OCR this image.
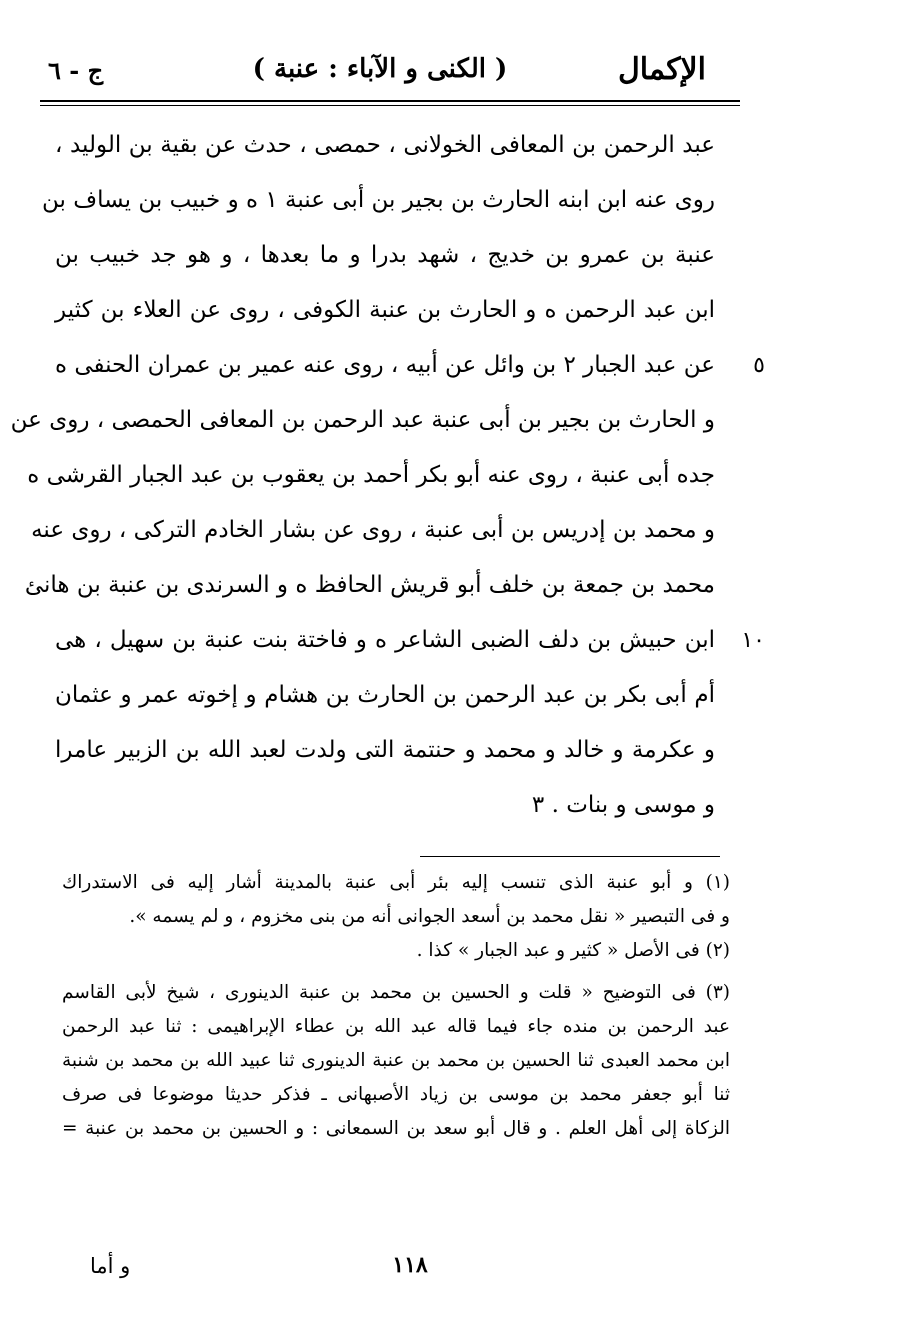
الإكمال
( الكنى و الآباء : عنبة )
ج - ٦
عبد الرحمن بن المعافى الخولانى ، حمصى ، حدث عن بقية بن الوليد ،
روى عنه ابن ابنه الحارث بن بجير بن أبى عنبة ١ ه و خبيب بن يساف بن
عنبة بن عمرو بن خديج ، شهد بدرا و ما بعدها ، و هو جد خبيب بن
ابن عبد الرحمن ه و الحارث بن عنبة الكوفى ، روى عن العلاء بن كثير
عن عبد الجبار ٢ بن وائل عن أبيه ، روى عنه عمير بن عمران الحنفى ه	٥
و الحارث بن بجير بن أبى عنبة عبد الرحمن بن المعافى الحمصى ، روى عن
جده أبى عنبة ، روى عنه أبو بكر أحمد بن يعقوب بن عبد الجبار القرشى ه
و محمد بن إدريس بن أبى عنبة ، روى عن بشار الخادم التركى ، روى عنه
محمد بن جمعة بن خلف أبو قريش الحافظ ه و السرندى بن عنبة بن هانئ
ابن حبيش بن دلف الضبى الشاعر ه و فاختة بنت عنبة بن سهيل ، هى	١٠
أم أبى بكر بن عبد الرحمن بن الحارث بن هشام و إخوته عمر و عثمان
و عكرمة و خالد و محمد و حنتمة التى ولدت لعبد الله بن الزبير عامرا
و موسى و بنات . ٣
(١) و أبو عنبة الذى تنسب إليه بئر أبى عنبة بالمدينة أشار إليه فى الاستدراك
و فى التبصير « نقل محمد بن أسعد الجوانى أنه من بنى مخزوم ، و لم يسمه ».
(٢) فى الأصل « كثير و عبد الجبار » كذا .
(٣) فى التوضيح « قلت و الحسين بن محمد بن عنبة الدينورى ، شيخ لأبى القاسم
عبد الرحمن بن منده جاء فيما قاله عبد الله بن عطاء الإبراهيمى : ثنا عبد الرحمن
ابن محمد العبدى ثنا الحسين بن محمد بن عنبة الدينورى ثنا عبيد الله بن محمد بن شنبة
ثنا أبو جعفر محمد بن موسى بن زياد الأصبهانى ـ فذكر حديثا موضوعا فى صرف
الزكاة إلى أهل العلم . و قال أبو سعد بن السمعانى : و الحسين بن محمد بن عنبة =
١١٨
و أما
